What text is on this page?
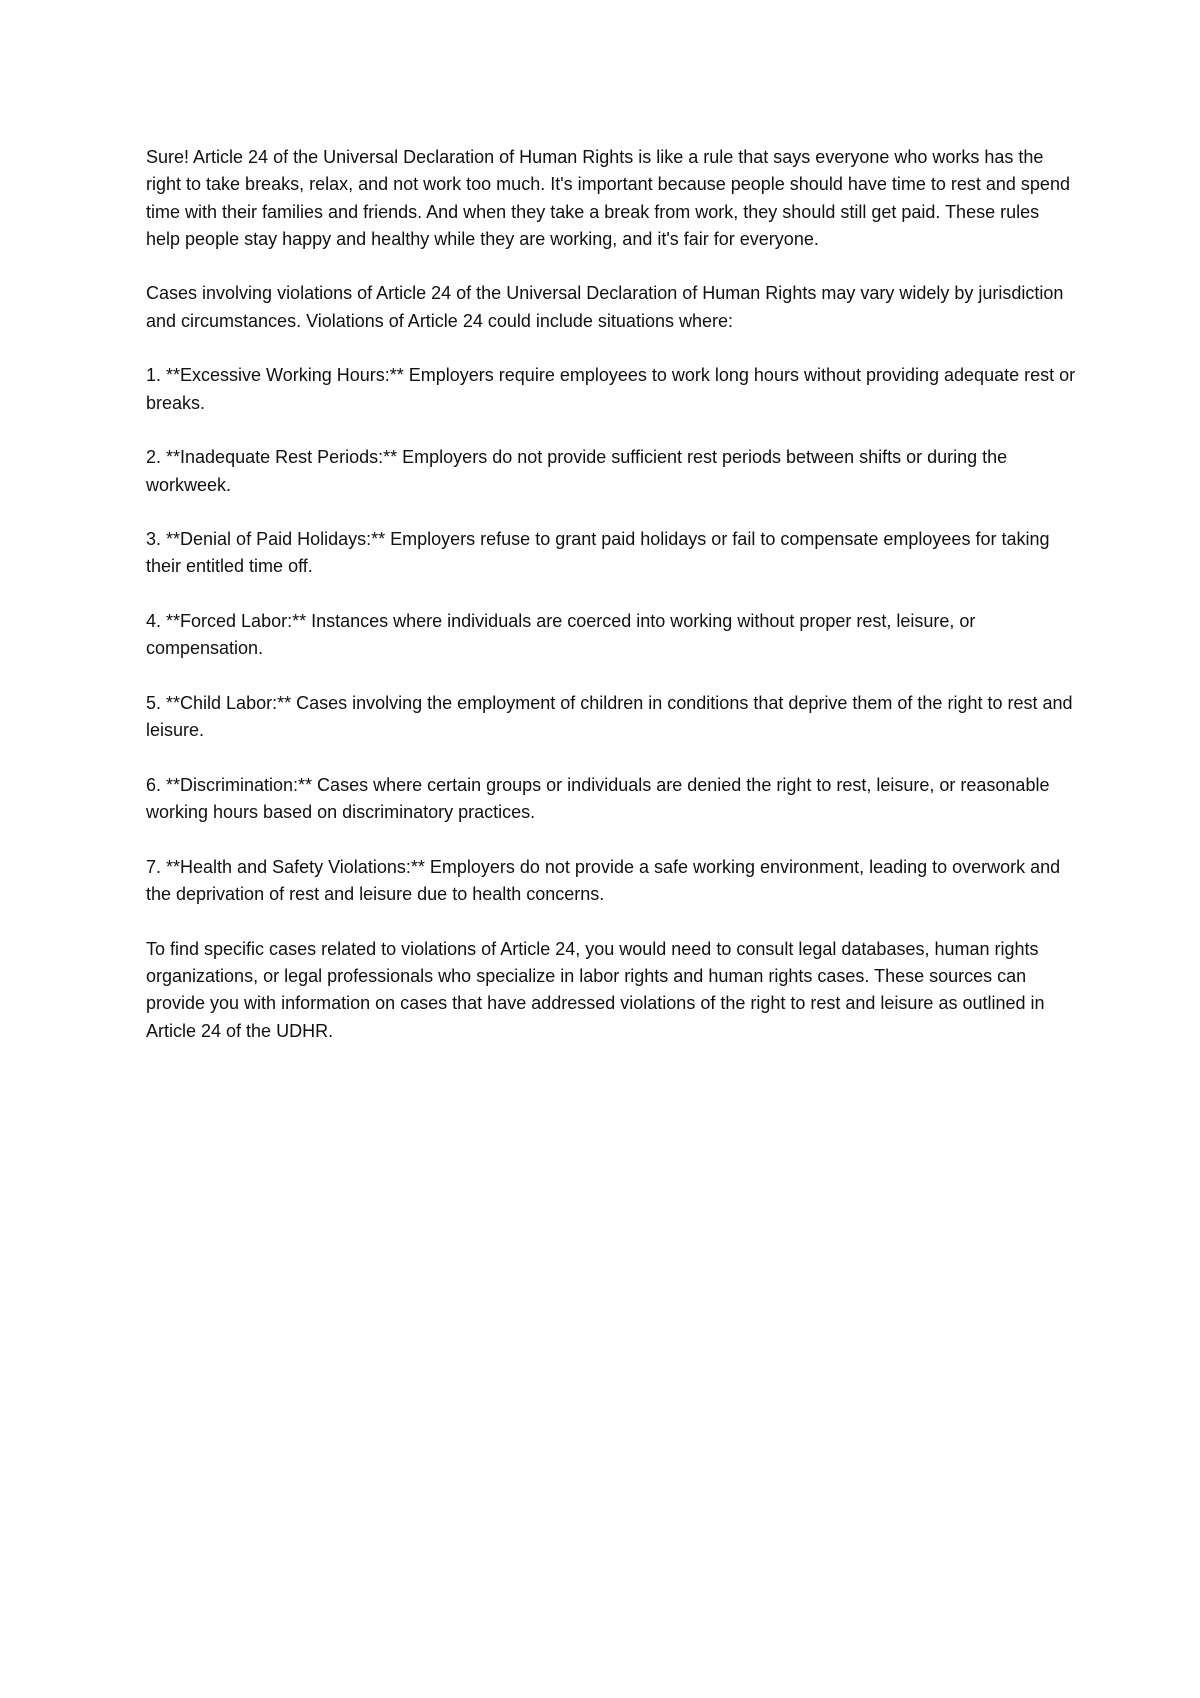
Sure! Article 24 of the Universal Declaration of Human Rights is like a rule that says everyone who works has the right to take breaks, relax, and not work too much. It's important because people should have time to rest and spend time with their families and friends. And when they take a break from work, they should still get paid. These rules help people stay happy and healthy while they are working, and it's fair for everyone.

Cases involving violations of Article 24 of the Universal Declaration of Human Rights may vary widely by jurisdiction and circumstances. Violations of Article 24 could include situations where:

1. **Excessive Working Hours:** Employers require employees to work long hours without providing adequate rest or breaks.

2. **Inadequate Rest Periods:** Employers do not provide sufficient rest periods between shifts or during the workweek.

3. **Denial of Paid Holidays:** Employers refuse to grant paid holidays or fail to compensate employees for taking their entitled time off.

4. **Forced Labor:** Instances where individuals are coerced into working without proper rest, leisure, or compensation.

5. **Child Labor:** Cases involving the employment of children in conditions that deprive them of the right to rest and leisure.

6. **Discrimination:** Cases where certain groups or individuals are denied the right to rest, leisure, or reasonable working hours based on discriminatory practices.

7. **Health and Safety Violations:** Employers do not provide a safe working environment, leading to overwork and the deprivation of rest and leisure due to health concerns.

To find specific cases related to violations of Article 24, you would need to consult legal databases, human rights organizations, or legal professionals who specialize in labor rights and human rights cases. These sources can provide you with information on cases that have addressed violations of the right to rest and leisure as outlined in Article 24 of the UDHR.
